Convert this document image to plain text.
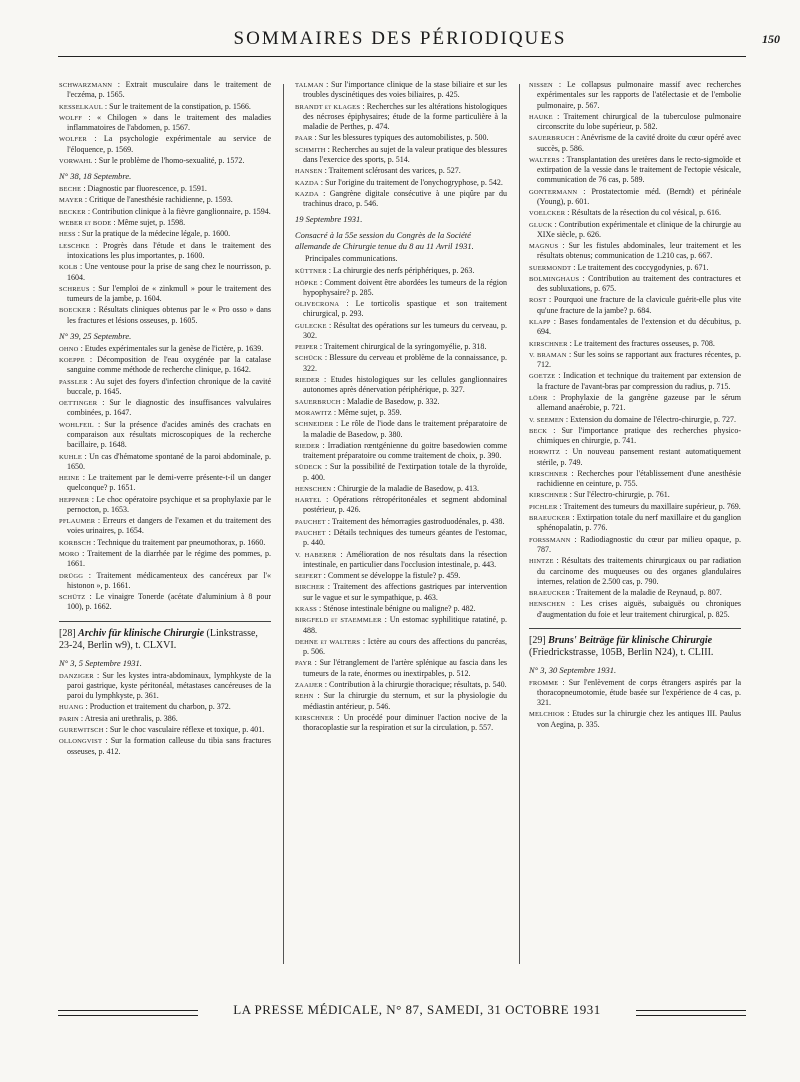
SOMMAIRES DES PÉRIODIQUES	150

SCHWARZMANN : Extrait musculaire dans le traitement de l'eczéma, p. 1565.

KESSELKAUL : Sur le traitement de la constipation, p. 1566.

WOLFF : « Chilogen » dans le traitement des maladies inflammatoires de l'abdomen, p. 1567.

WOLFER : La psychologie expérimentale au service de l'éloquence, p. 1569.

VORWAHL : Sur le problème de l'homo-sexualité, p. 1572.

N° 38, 18 Septembre.

BECHE : Diagnostic par fluorescence, p. 1591.

MAYER : Critique de l'anesthésie rachidienne, p. 1593.

BECKER : Contribution clinique à la fièvre ganglionnaire, p. 1594.

WEBER et BODE : Même sujet, p. 1598.

HESS : Sur la pratique de la médecine légale, p. 1600.

LESCHKE : Progrès dans l'étude et dans le traitement des intoxications les plus importantes, p. 1600.

KOLB : Une ventouse pour la prise de sang chez le nourrisson, p. 1604.

SCHREUS : Sur l'emploi de « zinkmull » pour le traitement des tumeurs de la jambe, p. 1604.

BOECKER : Résultats cliniques obtenus par le « Pro osso » dans les fractures et lésions osseuses, p. 1605.

N° 39, 25 Septembre.

OHNO : Etudes expérimentales sur la genèse de l'ictère, p. 1639.

KOEPPE : Décomposition de l'eau oxygénée par la catalase sanguine comme méthode de recherche clinique, p. 1642.

PASSLER : Au sujet des foyers d'infection chronique de la cavité buccale, p. 1645.

OETTINGER : Sur le diagnostic des insuffisances valvulaires combinées, p. 1647.

WOHLFEIL : Sur la présence d'acides aminés des crachats en comparaison aux résultats microscopiques de la recherche bacillaire, p. 1648.

KUHLE : Un cas d'hématome spontané de la paroi abdominale, p. 1650.

HEINE : Le traitement par le demi-verre présente-t-il un danger quelconque? p. 1651.

HEPPNER : Le choc opératoire psychique et sa prophylaxie par le pernocton, p. 1653.

PFLAUMER : Erreurs et dangers de l'examen et du traitement des voies urinaires, p. 1654.

KORBSCH : Technique du traitement par pneumothorax, p. 1660.

MORO : Traitement de la diarrhée par le régime des pommes, p. 1661.

DRÜGG : Traitement médicamenteux des cancéreux par l'« histonon », p. 1661.

SCHÜTZ : Le vinaigre Tonerde (acétate d'aluminium à 8 pour 100), p. 1662.

[28] Archiv für klinische Chirurgie (Linkstrasse, 23-24, Berlin w9), t. CLXVI.
N° 3, 5 Septembre 1931.

DANZIGER : Sur les kystes intra-abdominaux, lymphkyste de la paroi gastrique, kyste péritonéal, métastases cancéreuses de la paroi du lymphkyste, p. 361.

HUANG : Production et traitement du charbon, p. 372.

PARIN : Atresia ani urethralis, p. 386.

GUREWITSCH : Sur le choc vasculaire réflexe et toxique, p. 401.

OLLONGVIST : Sur la formation calleuse du tibia sans fractures osseuses, p. 412.

TALMAN : Sur l'importance clinique de la stase biliaire et sur les troubles dyscinétiques des voies biliaires, p. 425.

BRANDT et KLAGES : Recherches sur les altérations histologiques des nécroses épiphysaires; étude de la forme particulière à la maladie de Perthes, p. 474.

PAAR : Sur les blessures typiques des automobilistes, p. 500.

SCHMITH : Recherches au sujet de la valeur pratique des blessures dans l'exercice des sports, p. 514.

HANSEN : Traitement sclérosant des varices, p. 527.

KAZDA : Sur l'origine du traitement de l'onychogryphose, p. 542.

KAZDA : Gangrène digitale consécutive à une piqûre par du trachinus draco, p. 546.

19 Septembre 1931.
Consacré à la 55e session du Congrès de la Société allemande de Chirurgie tenue du 8 au 11 Avril 1931.
Principales communications.

KÜTTNER : La chirurgie des nerfs périphériques, p. 263.

HÖPKE : Comment doivent être abordées les tumeurs de la région hypophysaire? p. 285.

OLIVECRONA : Le torticolis spastique et son traitement chirurgical, p. 293.

GULECKE : Résultat des opérations sur les tumeurs du cerveau, p. 302.

PEIPER : Traitement chirurgical de la syringomyélie, p. 318.

SCHÜCK : Blessure du cerveau et problème de la connaissance, p. 322.

RIEDER : Etudes histologiques sur les cellules ganglionnaires autonomes après dénervation périphérique, p. 327.

SAUERBRUCH : Maladie de Basedow, p. 332.

MORAWITZ : Même sujet, p. 359.

SCHNEIDER : Le rôle de l'iode dans le traitement préparatoire de la maladie de Basedow, p. 380.

RIEDER : Irradiation rœntgénienne du goitre basedowien comme traitement préparatoire ou comme traitement de choix, p. 390.

SÜDECK : Sur la possibilité de l'extirpation totale de la thyroïde, p. 400.

HENSCHEN : Chirurgie de la maladie de Basedow, p. 413.

HARTEL : Opérations rétropéritonéales et segment abdominal postérieur, p. 426.

PAUCHET : Traitement des hémorragies gastroduodénales, p. 438.

PAUCHET : Détails techniques des tumeurs géantes de l'estomac, p. 440.

V. HABERER : Amélioration de nos résultats dans la résection intestinale, en particulier dans l'occlusion intestinale, p. 443.

SEIFERT : Comment se développe la fistule? p. 459.

BIRCHER : Traitement des affections gastriques par intervention sur le vague et sur le sympathique, p. 463.

KRASS : Sténose intestinale bénigne ou maligne? p. 482.

BIRGFELD et STAEMMLER : Un estomac syphilitique ratatiné, p. 488.

DEHNE et WALTERS : Ictère au cours des affections du pancréas, p. 506.

PAYR : Sur l'étranglement de l'artère splénique au fascia dans les tumeurs de la rate, énormes ou inextirpables, p. 512.

ZAAIJER : Contribution à la chirurgie thoracique; résultats, p. 540.

REHN : Sur la chirurgie du sternum, et sur la physiologie du médiastin antérieur, p. 546.

KIRSCHNER : Un procédé pour diminuer l'action nocive de la thoracoplastie sur la respiration et sur la circulation, p. 557.

NISSEN : Le collapsus pulmonaire massif avec recherches expérimentales sur les rapports de l'atélectasie et de l'embolie pulmonaire, p. 567.

HAUKE : Traitement chirurgical de la tuberculose pulmonaire circonscrite du lobe supérieur, p. 582.

SAUERBRUCH : Anévrisme de la cavité droite du cœur opéré avec succès, p. 586.

WALTERS : Transplantation des uretères dans le recto-sigmoïde et extirpation de la vessie dans le traitement de l'ectopie vésicale, communication de 76 cas, p. 589.

GONTERMANN : Prostatectomie méd. (Berndt) et périnéale (Young), p. 601.

VOELCKER : Résultats de la résection du col vésical, p. 616.

GLUCK : Contribution expérimentale et clinique de la chirurgie au XIXe siècle, p. 626.

MAGNUS : Sur les fistules abdominales, leur traitement et les résultats obtenus; communication de 1.210 cas, p. 667.

SUERMONDT : Le traitement des coccygodynies, p. 671.

BOLMINGHAUS : Contribution au traitement des contractures et des subluxations, p. 675.

ROST : Pourquoi une fracture de la clavicule guérit-elle plus vite qu'une fracture de la jambe? p. 684.

KLAPP : Bases fondamentales de l'extension et du décubitus, p. 694.

KIRSCHNER : Le traitement des fractures osseuses, p. 708.

V. BRAMAN : Sur les soins se rapportant aux fractures récentes, p. 712.

GOETZE : Indication et technique du traitement par extension de la fracture de l'avant-bras par compression du radius, p. 715.

LÖHR : Prophylaxie de la gangrène gazeuse par le sérum allemand anaérobie, p. 721.

V. SEEMEN : Extension du domaine de l'électro-chirurgie, p. 727.

BECK : Sur l'importance pratique des recherches physico-chimiques en chirurgie, p. 741.

HORWITZ : Un nouveau pansement restant automatiquement stérile, p. 749.

KIRSCHNER : Recherches pour l'établissement d'une anesthésie rachidienne en ceinture, p. 755.

KIRSCHNER : Sur l'électro-chirurgie, p. 761.

PICHLER : Traitement des tumeurs du maxillaire supérieur, p. 769.

BRAEUCKER : Extirpation totale du nerf maxillaire et du ganglion sphénopalatin, p. 776.

FORSSMANN : Radiodiagnostic du cœur par milieu opaque, p. 787.

HINTZE : Résultats des traitements chirurgicaux ou par radiation du carcinome des muqueuses ou des organes glandulaires internes, relation de 2.500 cas, p. 790.

BRAEUCKER : Traitement de la maladie de Reynaud, p. 807.

HENSCHEN : Les crises aiguës, subaiguës ou chroniques d'augmentation du foie et leur traitement chirurgical, p. 825.

[29] Bruns' Beiträge für klinische Chirurgie (Friedrickstrasse, 105B, Berlin N24), t. CLIII.
N° 3, 30 Septembre 1931.

FROMME : Sur l'enlèvement de corps étrangers aspirés par la thoracopneumotomie, étude basée sur l'expérience de 4 cas, p. 321.

MELCHIOR : Etudes sur la chirurgie chez les antiques III. Paulus von Aegina, p. 335.

LA PRESSE MÉDICALE, N° 87, SAMEDI, 31 OCTOBRE 1931
